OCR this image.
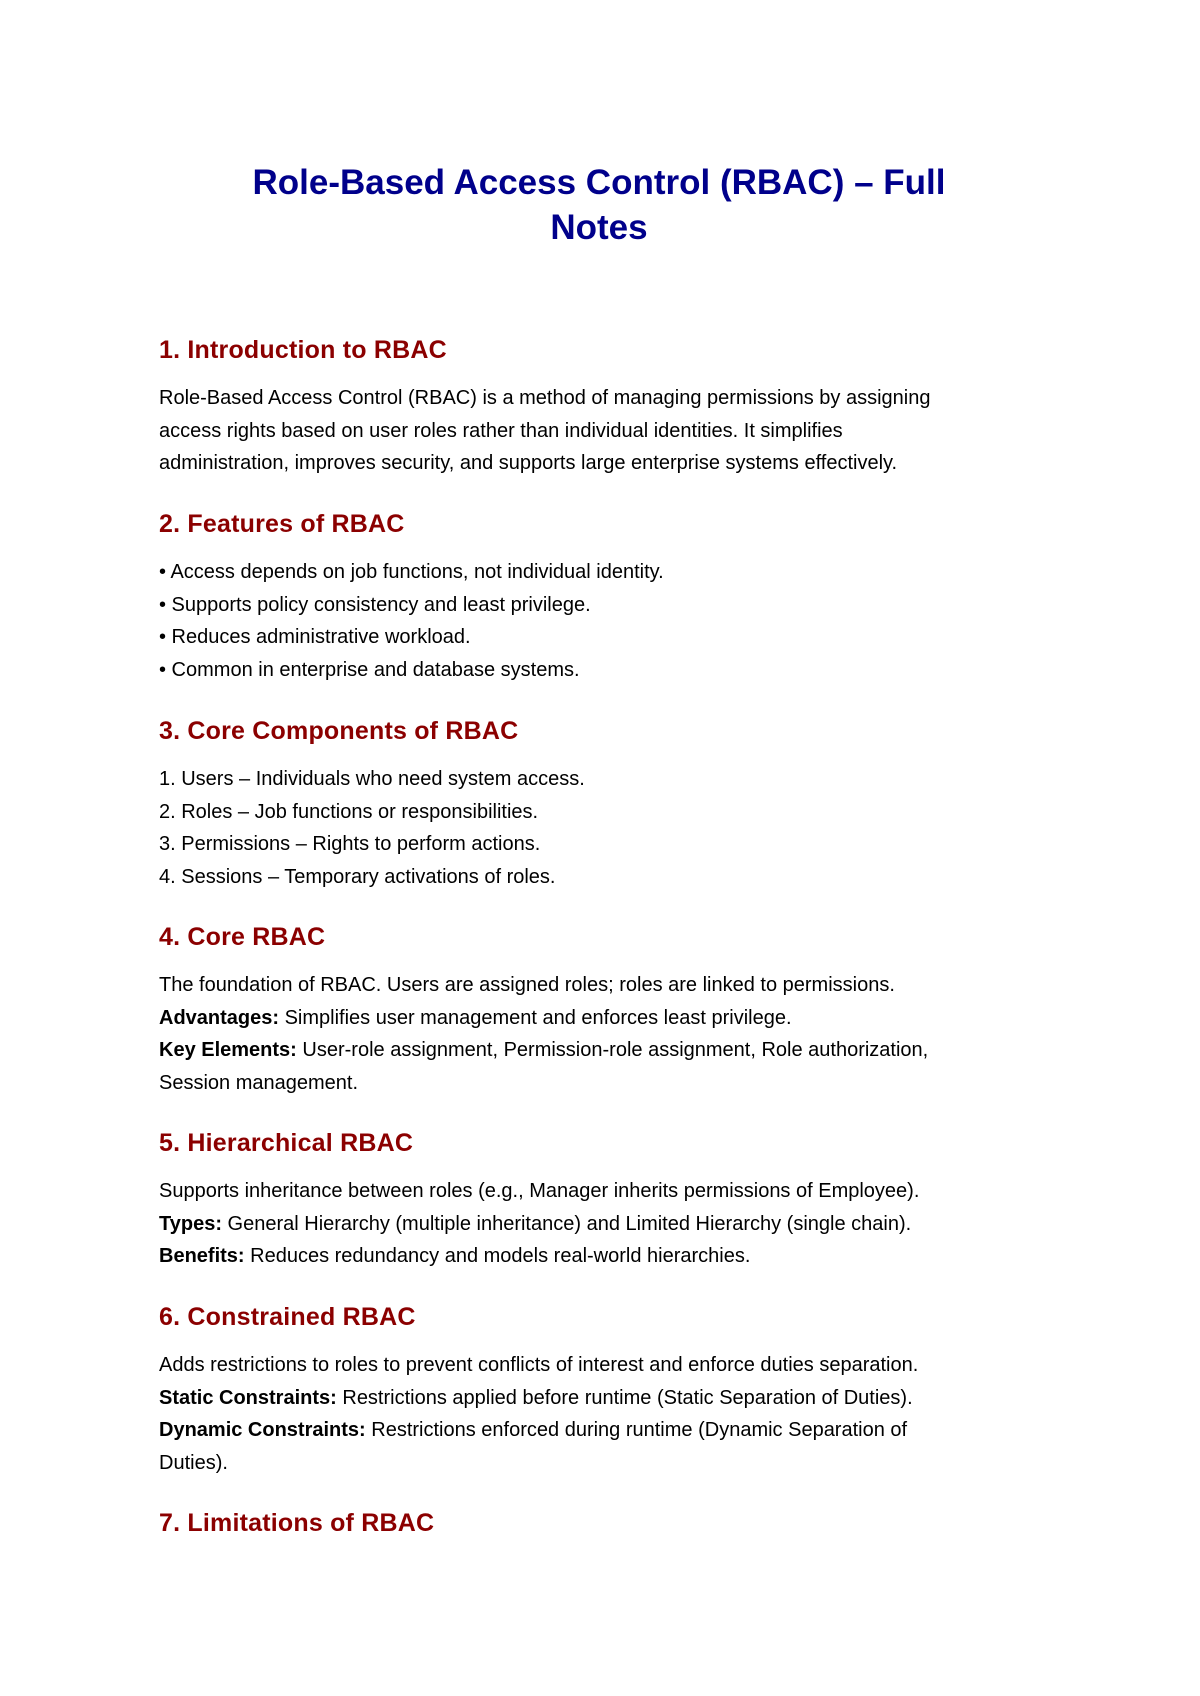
Role-Based Access Control (RBAC) – Full
Notes
1. Introduction to RBAC

Role-Based Access Control (RBAC) is a method of managing permissions by assigning
access rights based on user roles rather than individual identities. It simplifies
administration, improves security, and supports large enterprise systems effectively.

2. Features of RBAC

• Access depends on job functions, not individual identity.
• Supports policy consistency and least privilege.
• Reduces administrative workload.
• Common in enterprise and database systems.

3. Core Components of RBAC

1. Users – Individuals who need system access.
2. Roles – Job functions or responsibilities.
3. Permissions – Rights to perform actions.
4. Sessions – Temporary activations of roles.

4. Core RBAC

The foundation of RBAC. Users are assigned roles; roles are linked to permissions.
Advantages: Simplifies user management and enforces least privilege.
Key Elements: User-role assignment, Permission-role assignment, Role authorization,
Session management.

5. Hierarchical RBAC

Supports inheritance between roles (e.g., Manager inherits permissions of Employee).
Types: General Hierarchy (multiple inheritance) and Limited Hierarchy (single chain).
Benefits: Reduces redundancy and models real-world hierarchies.

6. Constrained RBAC

Adds restrictions to roles to prevent conflicts of interest and enforce duties separation.
Static Constraints: Restrictions applied before runtime (Static Separation of Duties).
Dynamic Constraints: Restrictions enforced during runtime (Dynamic Separation of
Duties).

7. Limitations of RBAC
